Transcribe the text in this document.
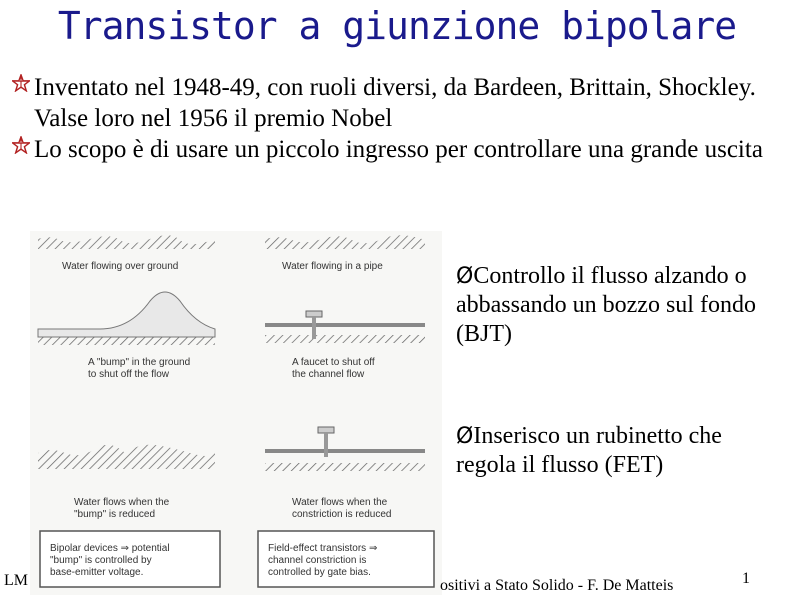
Transistor a giunzione bipolare
Inventato nel 1948-49, con ruoli diversi, da Bardeen, Brittain, Shockley. Valse loro nel 1956 il premio Nobel
Lo scopo è di usare un piccolo ingresso per controllare una grande uscita
Water flowing over ground
A "bump" in the ground
to shut off the flow
Water flowing in a pipe
A faucet to shut off
the channel flow
Water flows when the
"bump" is reduced
Water flows when the
constriction is reduced
Bipolar devices ⇒ potential
"bump" is controlled by
base-emitter voltage.
Field-effect transistors ⇒
channel constriction is
controlled by gate bias.
ØControllo il flusso alzando o abbassando un bozzo sul fondo (BJT)
ØInserisco un rubinetto che regola il flusso (FET)
LM	ositivi a Stato Solido - F. De Matteis	1
